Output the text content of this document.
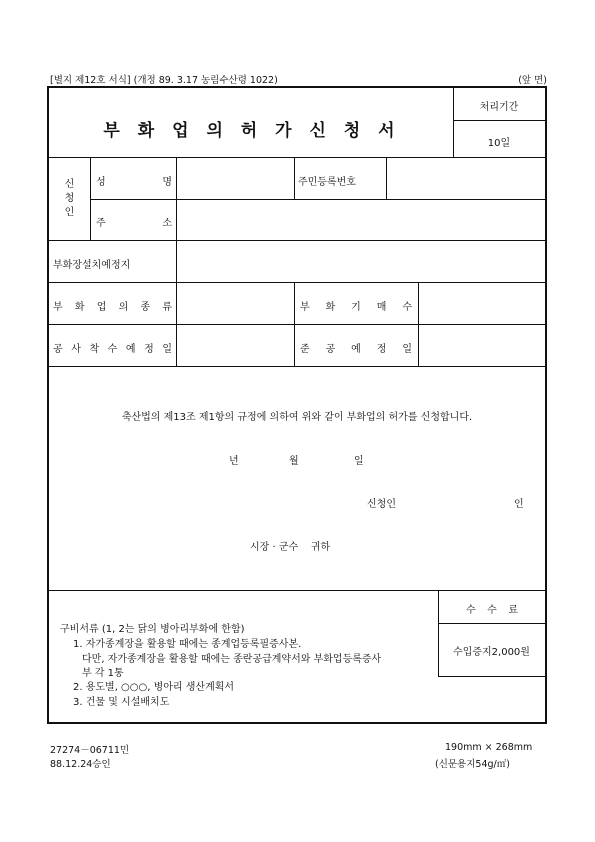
[별지 제12호 서식] (개정 89. 3.17 농림수산령 1022)	(앞 면)
부 화 업 의 허 가 신 청 서
처리기간
10일
신
청
인
성	명	주민등록번호
주	소
부화장설치예정지
부 화 업 의 종 류	부 화 기 매 수
공 사 착 수 예 정 일	준 공 예 정 일
축산법의 제13조 제1항의 규정에 의하여 위와 같이 부화업의 허가를 신청합니다.
년	월	일
신청인	인
시장 · 군수    귀하
구비서류 (1, 2는 닭의 병아리부화에 한함)
1. 자가종계장을 활용할 때에는 종계업등록필증사본.
다만, 자가종계장을 활용할 때에는 종란공급계약서와 부화업등록증사
부 각 1통
2. 용도별, ○○○, 병아리 생산계획서
3. 건물 및 시설배치도
수 수 료
수입증지2,000원
27274－06711민
88.12.24승인
190mm × 268mm
(신문용지54g/㎡)
